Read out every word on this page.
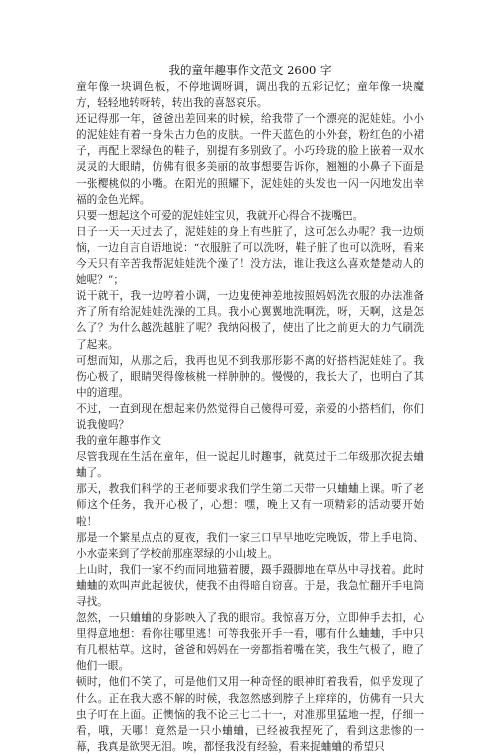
我的童年趣事作文范文 2600 字

童年像一块调色板，不停地调呀调，调出我的五彩记忆；童年像一块魔方，轻轻地转呀转，转出我的喜怒哀乐。

还记得那一年，爸爸出差回来的时候，给我带了一个漂亮的泥娃娃。小小的泥娃娃有着一身朱古力色的皮肤。一件天蓝色的小外套，粉红色的小裙子，再配上翠绿色的鞋子，别提有多别致了。小巧玲珑的脸上嵌着一双水灵灵的大眼睛，仿佛有很多美丽的故事想要告诉你，翘翘的小鼻子下面是一张樱桃似的小嘴。在阳光的照耀下，泥娃娃的头发也一闪一闪地发出幸福的金色光辉。

只要一想起这个可爱的泥娃娃宝贝，我就开心得合不拢嘴巴。

日子一天一天过去了，泥娃娃的身上有些脏了，这可怎么办呢？我一边烦恼，一边自言自语地说：“衣服脏了可以洗呀，鞋子脏了也可以洗呀，看来今天只有辛苦我帮泥娃娃洗个澡了！没方法，谁让我这么喜欢楚楚动人的她呢？”；

说干就干，我一边哼着小调，一边鬼使神差地按照妈妈洗衣服的办法准备齐了所有给泥娃娃洗澡的工具。我小心翼翼地洗啊洗，呀，天啊，这是怎么了？为什么越洗越脏了呢？我纳闷极了，使出了比之前更大的力气刷洗了起来。

可想而知，从那之后，我再也见不到我那形影不离的好搭档泥娃娃了。我伤心极了，眼睛哭得像核桃一样肿肿的。慢慢的，我长大了，也明白了其中的道理。

不过，一直到现在想起来仍然觉得自己傻得可爱，亲爱的小搭档们，你们说我傻吗？

我的童年趣事作文

尽管我现在生活在童年，但一说起儿时趣事，就莫过于二年级那次捉去蛐蛐了。

那天，教我们科学的王老师要求我们学生第二天带一只蛐蛐上课。听了老师这个任务，我开心极了，心想：嘿，晚上又有一项精彩的活动要开始啦！

那是一个繁星点点的夏夜，我们一家三口早早地吃完晚饭，带上手电筒、小水壶来到了学校前那座翠绿的小山坡上。

上山时，我们一家不约而同地猫着腰，蹑手蹑脚地在草丛中寻找着。此时蛐蛐的欢叫声此起彼伏，使我不由得暗自窃喜。于是，我急忙翻开手电筒寻找。

忽然，一只蛐蛐的身影映入了我的眼帘。我惊喜万分，立即伸手去扣，心里得意地想：看你往哪里逃！可等我张开手一看，哪有什么蛐蛐，手中只有几根枯草。这时，爸爸和妈妈在一旁都指着嘴在笑，我生气极了，瞪了他们一眼。

顿时，他们不笑了，可是他们又用一种奇怪的眼神盯着我看，似乎发现了什么。正在我大惑不解的时候，我忽然感到脖子上痒痒的，仿佛有一只大虫子叮在上面。正懊恼的我不论三七二十一，对准那里猛地一捏，仔细一看，哦，天哪！竟然是一只小蛐蛐，已经被我捏死了，看到这悲惨的一幕，我真是欲哭无泪。唉，都怪我没有经验，看来捉蛐蛐的希望只
